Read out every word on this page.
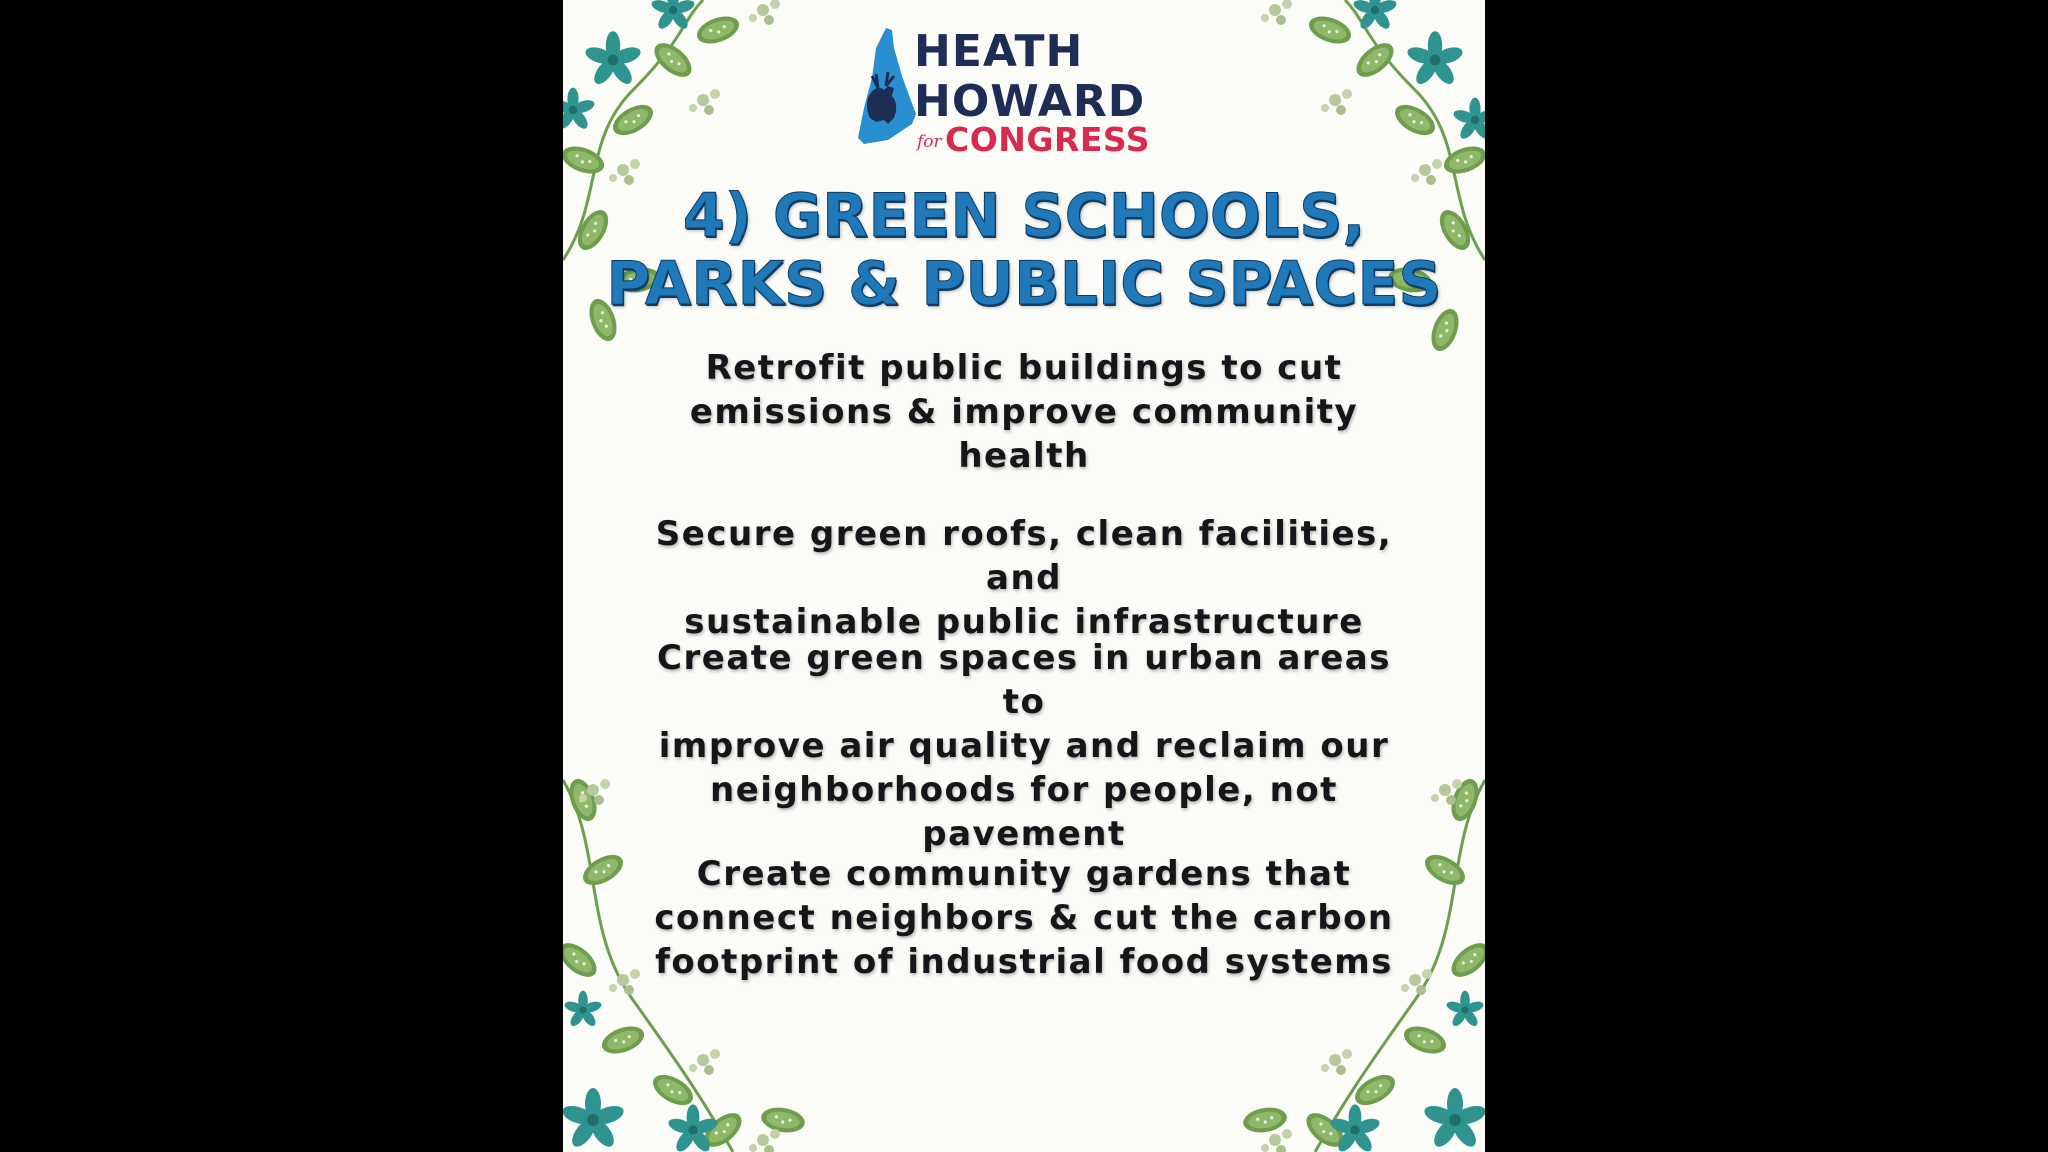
HEATH
HOWARD
for CONGRESS
4) GREEN SCHOOLS,
PARKS & PUBLIC SPACES
Retrofit public buildings to cut
emissions & improve community
health
Secure green roofs, clean facilities, and
sustainable public infrastructure
Create green spaces in urban areas to
improve air quality and reclaim our
neighborhoods for people, not
pavement
Create community gardens that
connect neighbors & cut the carbon
footprint of industrial food systems
